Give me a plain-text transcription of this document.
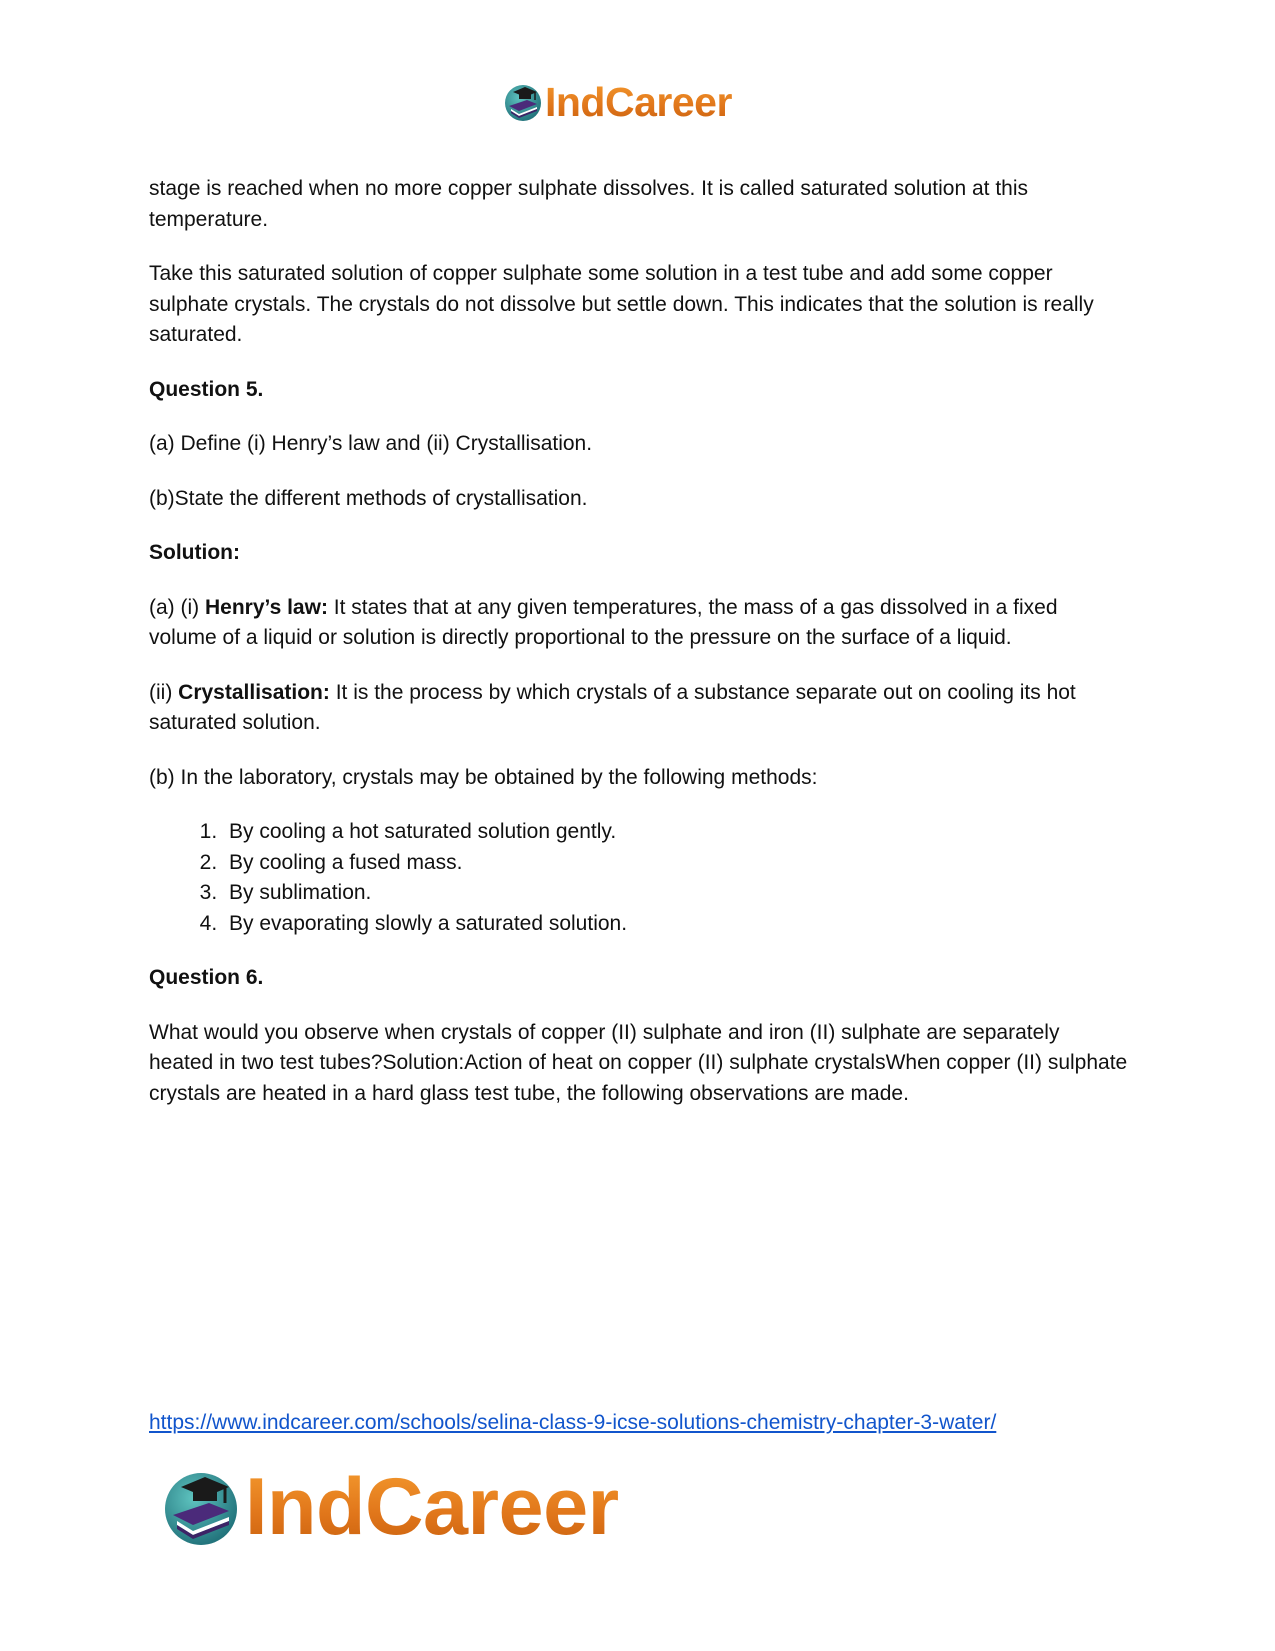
IndCareer

stage is reached when no more copper sulphate dissolves. It is called saturated solution at this temperature.

Take this saturated solution of copper sulphate some solution in a test tube and add some copper sulphate crystals. The crystals do not dissolve but settle down. This indicates that the solution is really saturated.

Question 5.

(a) Define (i) Henry’s law and (ii) Crystallisation.

(b)State the different methods of crystallisation.

Solution:

(a) (i) Henry’s law: It states that at any given temperatures, the mass of a gas dissolved in a fixed volume of a liquid or solution is directly proportional to the pressure on the surface of a liquid.

(ii) Crystallisation: It is the process by which crystals of a substance separate out on cooling its hot saturated solution.

(b) In the laboratory, crystals may be obtained by the following methods:

1. By cooling a hot saturated solution gently.
2. By cooling a fused mass.
3. By sublimation.
4. By evaporating slowly a saturated solution.

Question 6.

What would you observe when crystals of copper (II) sulphate and iron (II) sulphate are separately heated in two test tubes?Solution:Action of heat on copper (II) sulphate crystalsWhen copper (II) sulphate crystals are heated in a hard glass test tube, the following observations are made.

https://www.indcareer.com/schools/selina-class-9-icse-solutions-chemistry-chapter-3-water/
IndCareer
